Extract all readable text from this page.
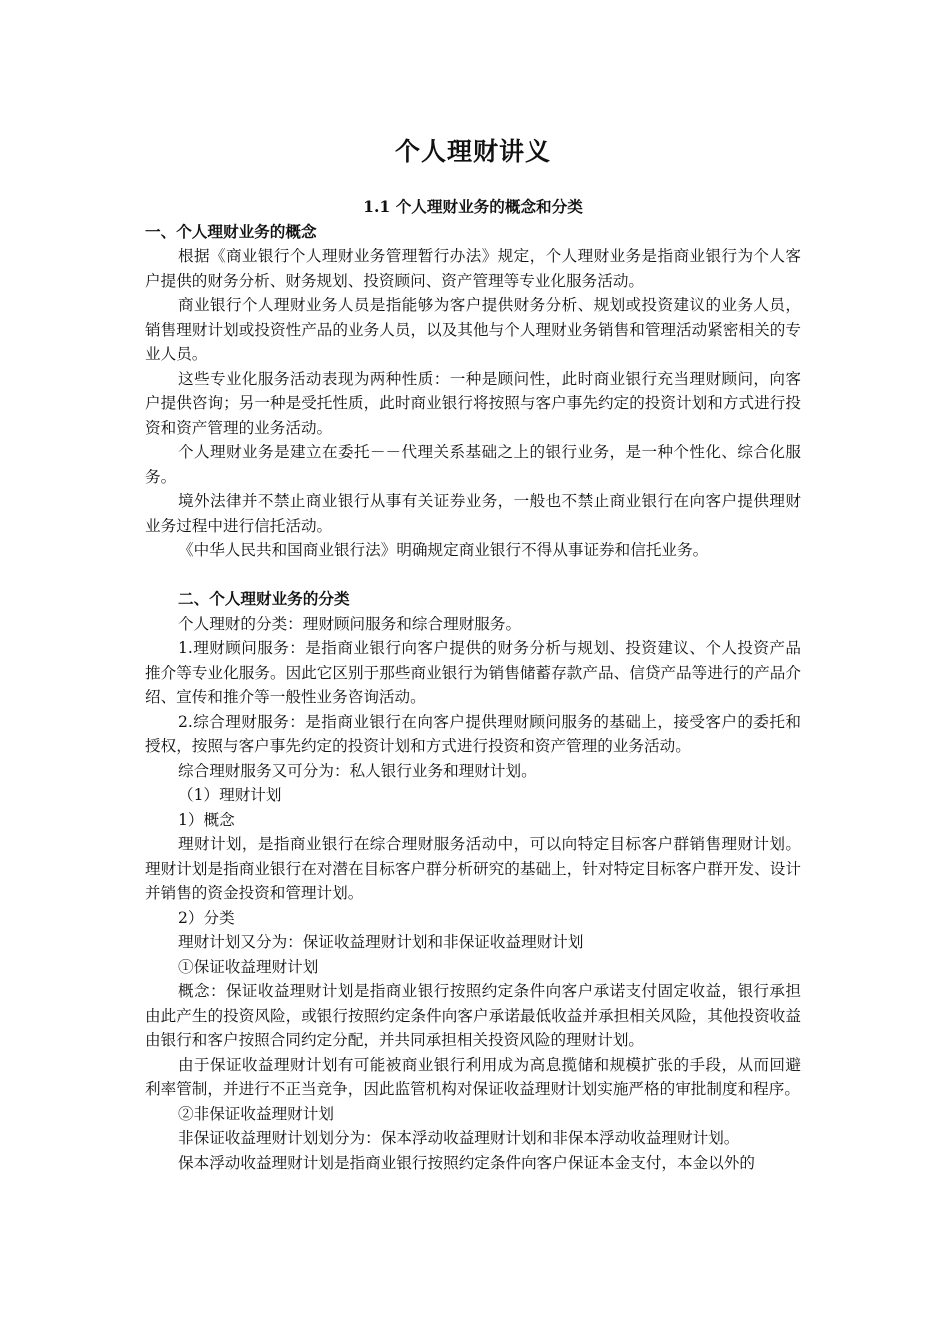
个人理财讲义
1.1 个人理财业务的概念和分类
一、个人理财业务的概念

根据《商业银行个人理财业务管理暂行办法》规定，个人理财业务是指商业银行为个人客户提供的财务分析、财务规划、投资顾问、资产管理等专业化服务活动。

商业银行个人理财业务人员是指能够为客户提供财务分析、规划或投资建议的业务人员，销售理财计划或投资性产品的业务人员，以及其他与个人理财业务销售和管理活动紧密相关的专业人员。

这些专业化服务活动表现为两种性质：一种是顾问性，此时商业银行充当理财顾问，向客户提供咨询；另一种是受托性质，此时商业银行将按照与客户事先约定的投资计划和方式进行投资和资产管理的业务活动。

个人理财业务是建立在委托－－代理关系基础之上的银行业务，是一种个性化、综合化服务。

境外法律并不禁止商业银行从事有关证券业务，一般也不禁止商业银行在向客户提供理财业务过程中进行信托活动。

《中华人民共和国商业银行法》明确规定商业银行不得从事证券和信托业务。

二、个人理财业务的分类

个人理财的分类：理财顾问服务和综合理财服务。

1.理财顾问服务：是指商业银行向客户提供的财务分析与规划、投资建议、个人投资产品推介等专业化服务。因此它区别于那些商业银行为销售储蓄存款产品、信贷产品等进行的产品介绍、宣传和推介等一般性业务咨询活动。

2.综合理财服务：是指商业银行在向客户提供理财顾问服务的基础上，接受客户的委托和授权，按照与客户事先约定的投资计划和方式进行投资和资产管理的业务活动。

综合理财服务又可分为：私人银行业务和理财计划。

（1）理财计划

1）概念

理财计划，是指商业银行在综合理财服务活动中，可以向特定目标客户群销售理财计划。理财计划是指商业银行在对潜在目标客户群分析研究的基础上，针对特定目标客户群开发、设计并销售的资金投资和管理计划。

2）分类

理财计划又分为：保证收益理财计划和非保证收益理财计划

①保证收益理财计划

概念：保证收益理财计划是指商业银行按照约定条件向客户承诺支付固定收益，银行承担由此产生的投资风险，或银行按照约定条件向客户承诺最低收益并承担相关风险，其他投资收益由银行和客户按照合同约定分配，并共同承担相关投资风险的理财计划。

由于保证收益理财计划有可能被商业银行利用成为高息揽储和规模扩张的手段，从而回避利率管制，并进行不正当竞争，因此监管机构对保证收益理财计划实施严格的审批制度和程序。

②非保证收益理财计划

非保证收益理财计划划分为：保本浮动收益理财计划和非保本浮动收益理财计划。

保本浮动收益理财计划是指商业银行按照约定条件向客户保证本金支付，本金以外的
